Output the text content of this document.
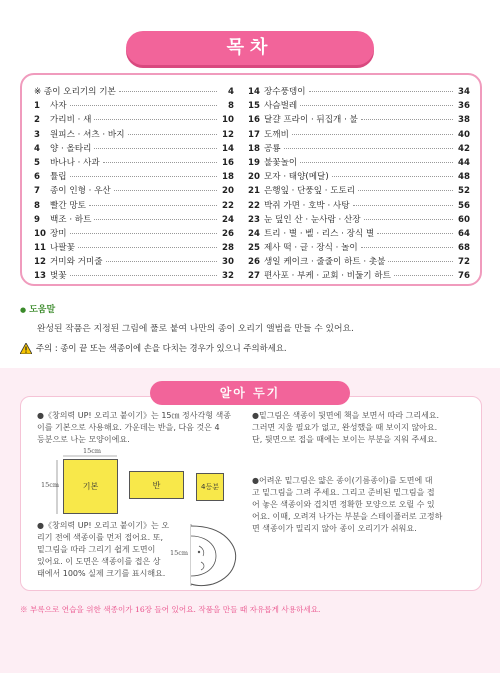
목차
※ 종이 오리기의 기본	4
1	사자	8
2	가리비 · 새	10
3	원피스 · 셔츠 · 바지	12
4	양 · 올타리	14
5	바나나 · 사과	16
6	튤립	18
7	종이 인형 · 우산	20
8	빨간 망토	22
9	백조 · 하트	24
10 장미	26
11 나팔꽃	28
12 거미와 거미줄	30
13 벚꽃	32
14 장수풍뎅이	34
15 사슴벌레	36
16 달걀 프라이 · 뒤집개 · 불	38
17 도깨비	40
18 공룡	42
19 불꽃놀이	44
20 모자 · 태양(메달)	48
21 은행잎 · 단풍잎 · 도토리	52
22 박쥐 가면 · 호박 · 사탕	56
23 눈 덮인 산 · 눈사람 · 산장	60
24 트리 · 별 · 벨 · 리스 · 장식 별	64
25 제사 떡 · 글 · 장식 · 놀이	68
26 생일 케이크 · 줄줄이 하트 · 촛불	72
27 편사포 · 부케 · 교회 · 비둘기 하트	76
● 도움말
완성된 작품은 지정된 그림에 풀로 붙여 나만의 종이 오리기 앨범을 만들 수 있어요.
주의 : 종이 끝 또는 색종이에 손을 다치는 경우가 있으니 주의하세요.
알아 두기
●《창의력 UP! 오리고 붙이기》는 15㎝ 정사각형 색종
이를 기본으로 사용해요. 가운데는 반을, 다음 것은 4
등분으로 나눈 모양이에요.
15cm
15cm	기본	반	4등분
●《창의력 UP! 오리고 붙이기》는 오
리기 전에 색종이를 먼저 접어요. 또,
밑그림을 따라 그리기 쉽게 도면이
있어요. 이 도면은 색종이를 접은 상
태에서 100% 실제 크기를 표시해요.
15cm
●밑그림은 색종이 뒷면에 책을 보면서 따라 그리세요.
그러면 지울 필요가 없고, 완성했을 때 보이지 않아요.
단, 뒷면으로 접을 때에는 보이는 부분을 지워 주세요.
●어려운 밑그림은 얇은 종이(기름종이)를 도면에 대
고 밑그림을 그려 주세요. 그리고 준비된 밑그림을 접
어 놓은 색종이와 겹치면 정확한 모양으로 오릴 수 있
어요. 이때, 오려져 나가는 부분을 스테이플러로 고정하
면 색종이가 밀리지 않아 종이 오리기가 쉬워요.
※ 부록으로 연습을 위한 색종이가 16장 들어 있어요. 작품을 만들 때 자유롭게 사용하세요.
